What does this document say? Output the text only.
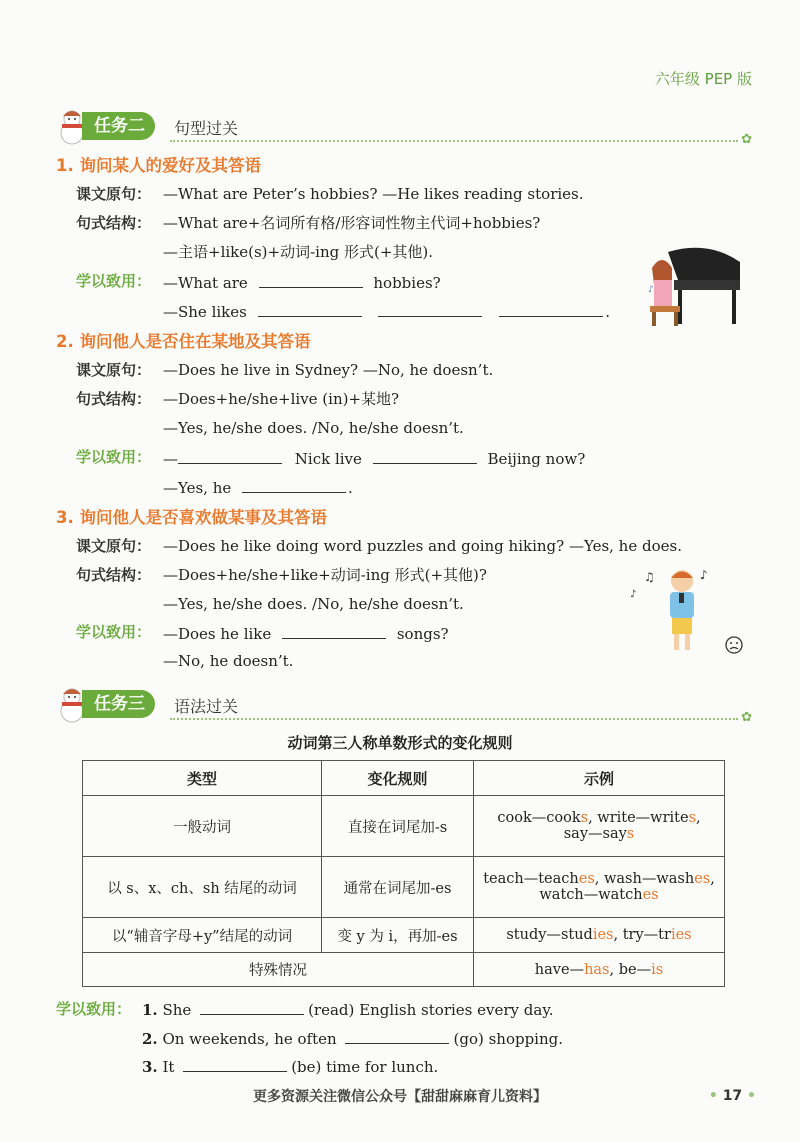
六年级 PEP 版
任务二	句型过关
✿
1. 询问某人的爱好及其答语
课文原句： —What are Peter’s hobbies? —He likes reading stories.
句式结构： —What are+名词所有格/形容词性物主代词+hobbies?
—主语+like(s)+动词-ing 形式(+其他).
学以致用： —What are	hobbies?
—She likes	.
♪
2. 询问他人是否住在某地及其答语
课文原句： —Does he live in Sydney? —No, he doesn’t.
句式结构： —Does+he/she+live (in)+某地?
—Yes, he/she does. /No, he/she doesn’t.
学以致用： —	Nick live	Beijing now?
—Yes, he	.
3. 询问他人是否喜欢做某事及其答语
课文原句： —Does he like doing word puzzles and going hiking? —Yes, he does.
句式结构： —Does+he/she+like+动词-ing 形式(+其他)?
—Yes, he/she does. /No, he/she doesn’t.
学以致用： —Does he like	songs?
—No, he doesn’t.
♫	♪
♪
任务三	语法过关
✿
动词第三人称单数形式的变化规则
类型	变化规则	示例
一般动词	直接在词尾加-s	cook—cooks, write—writes,
say—says
以 s、x、ch、sh 结尾的动词	通常在词尾加-es	teach—teaches, wash—washes,
watch—watches
以“辅音字母+y”结尾的动词	变 y 为 i，再加-es	study—studies, try—tries
特殊情况		have—has, be—is
学以致用： 1. She	(read) English stories every day.
2. On weekends, he often	(go) shopping.
3. It	(be) time for lunch.
更多资源关注微信公众号【甜甜麻麻育儿资料】	• 17 •
